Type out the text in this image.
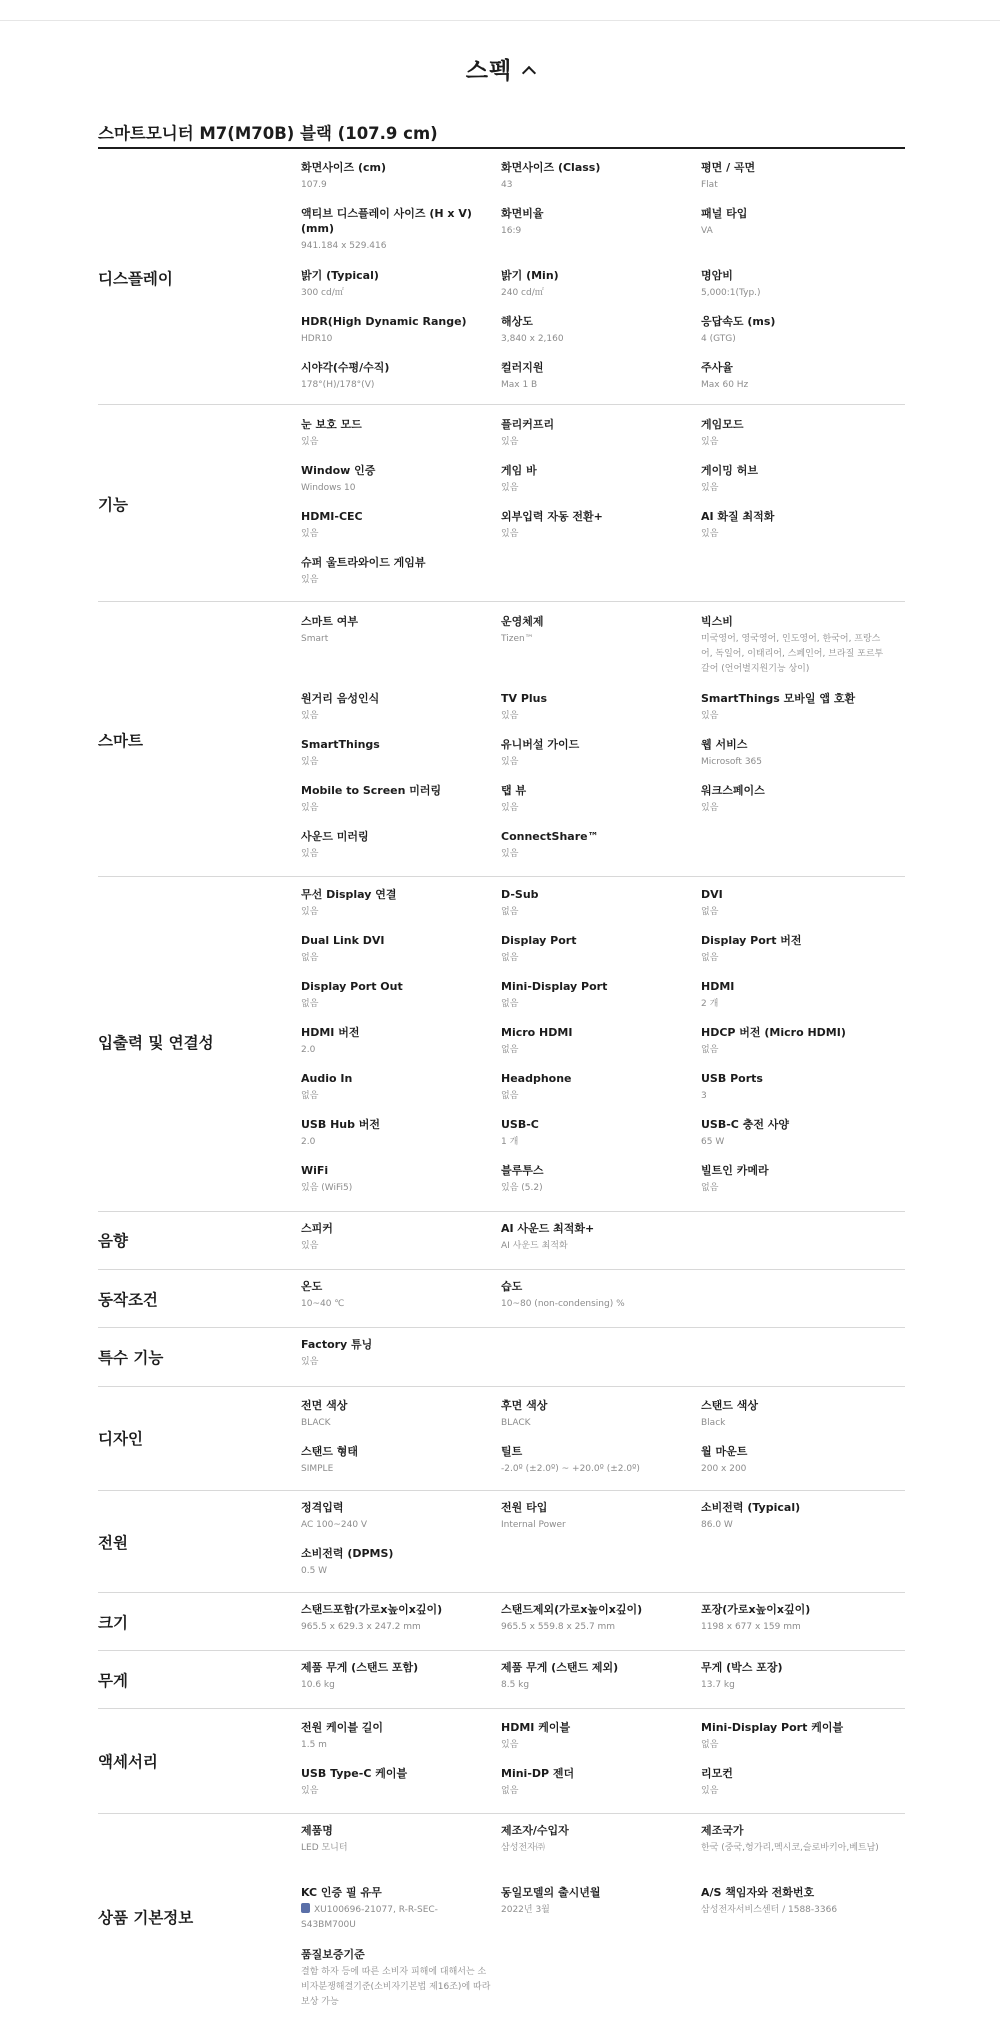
스펙
스마트모니터 M7(M70B) 블랙 (107.9 cm)
디스플레이
화면사이즈 (cm)
107.9
화면사이즈 (Class)
43
평면 / 곡면
Flat
액티브 디스플레이 사이즈 (H x V) (mm)
941.184 x 529.416
화면비율
16:9
패널 타입
VA
밝기 (Typical)
300 cd/㎡
밝기 (Min)
240 cd/㎡
명암비
5,000:1(Typ.)
HDR(High Dynamic Range)
HDR10
해상도
3,840 x 2,160
응답속도 (ms)
4 (GTG)
시야각(수평/수직)
178°(H)/178°(V)
컬러지원
Max 1 B
주사율
Max 60 Hz
기능
눈 보호 모드
있음
플리커프리
있음
게임모드
있음
Window 인증
Windows 10
게임 바
있음
게이밍 허브
있음
HDMI-CEC
있음
외부입력 자동 전환+
있음
AI 화질 최적화
있음
슈퍼 울트라와이드 게임뷰
있음
스마트
스마트 여부
Smart
운영체제
Tizen™
빅스비
미국영어, 영국영어, 인도영어, 한국어, 프랑스어, 독일어, 이태리어, 스페인어, 브라질 포르투갈어 (언어별지원기능 상이)
원거리 음성인식
있음
TV Plus
있음
SmartThings 모바일 앱 호환
있음
SmartThings
있음
유니버설 가이드
있음
웹 서비스
Microsoft 365
Mobile to Screen 미러링
있음
탭 뷰
있음
워크스페이스
있음
사운드 미러링
있음
ConnectShare™
있음
입출력 및 연결성
무선 Display 연결
있음
D-Sub
없음
DVI
없음
Dual Link DVI
없음
Display Port
없음
Display Port 버전
없음
Display Port Out
없음
Mini-Display Port
없음
HDMI
2 개
HDMI 버전
2.0
Micro HDMI
없음
HDCP 버전 (Micro HDMI)
없음
Audio In
없음
Headphone
없음
USB Ports
3
USB Hub 버전
2.0
USB-C
1 개
USB-C 충전 사양
65 W
WiFi
있음 (WiFi5)
블루투스
있음 (5.2)
빌트인 카메라
없음
음향
스피커
있음
AI 사운드 최적화+
AI 사운드 최적화
동작조건
온도
10~40 ℃
습도
10~80 (non-condensing) %
특수 기능
Factory 튜닝
있음
디자인
전면 색상
BLACK
후면 색상
BLACK
스탠드 색상
Black
스탠드 형태
SIMPLE
틸트
-2.0º (±2.0º) ~ +20.0º (±2.0º)
월 마운트
200 x 200
전원
정격입력
AC 100~240 V
전원 타입
Internal Power
소비전력 (Typical)
86.0 W
소비전력 (DPMS)
0.5 W
크기
스탠드포함(가로x높이x깊이)
965.5 x 629.3 x 247.2 mm
스탠드제외(가로x높이x깊이)
965.5 x 559.8 x 25.7 mm
포장(가로x높이x깊이)
1198 x 677 x 159 mm
무게
제품 무게 (스탠드 포함)
10.6 kg
제품 무게 (스탠드 제외)
8.5 kg
무게 (박스 포장)
13.7 kg
액세서리
전원 케이블 길이
1.5 m
HDMI 케이블
있음
Mini-Display Port 케이블
없음
USB Type-C 케이블
있음
Mini-DP 젠더
없음
리모컨
있음
상품 기본정보
제품명
LED 모니터
제조자/수입자
삼성전자㈜
제조국가
한국 (중국,헝가리,멕시코,슬로바키아,베트남)
KC 인증 필 유무
XU100696-21077, R-R-SEC-S43BM700U
동일모델의 출시년월
2022년 3월
A/S 책임자와 전화번호
삼성전자서비스센터 / 1588-3366
품질보증기준
결함 하자 등에 따른 소비자 피해에 대해서는 소비자분쟁해결기준(소비자기본법 제16조)에 따라 보상 가능
